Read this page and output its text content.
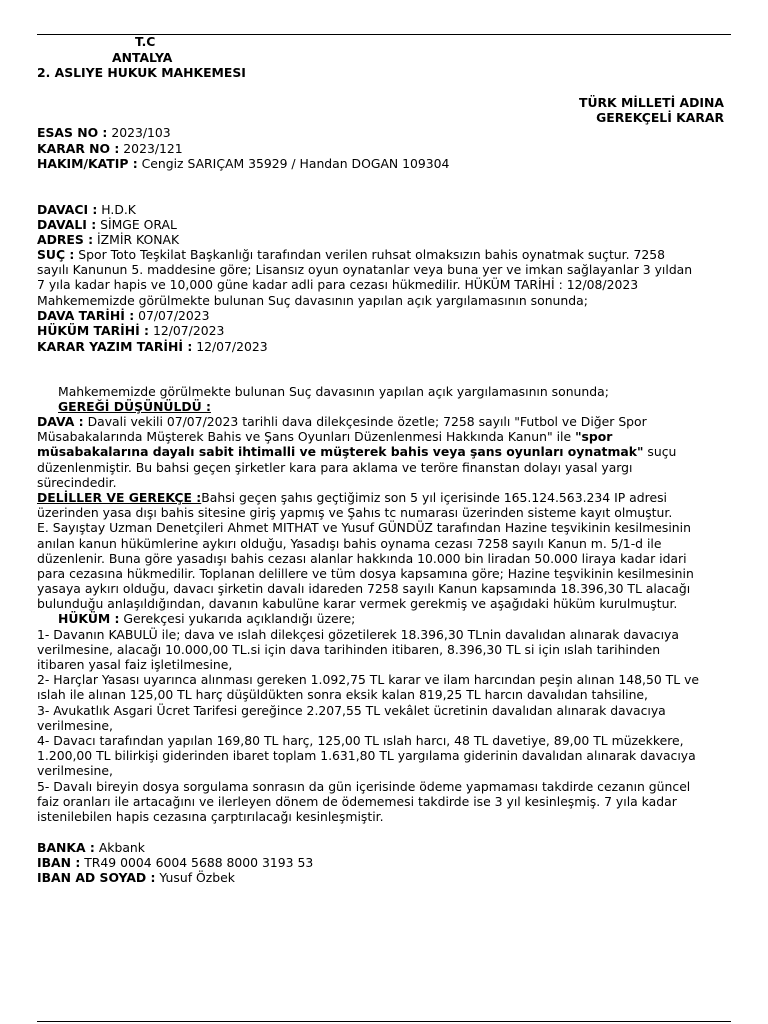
T.C
ANTALYA
2. ASLIYE HUKUK MAHKEMESI
TÜRK MİLLETİ ADINA
GEREKÇELİ KARAR
ESAS NO : 2023/103
KARAR NO : 2023/121
HAKIM/KATIP : Cengiz SARIÇAM 35929 / Handan DOGAN 109304
DAVACI : H.D.K
DAVALI : SİMGE ORAL
ADRES : İZMİR KONAK
SUÇ : Spor Toto Teşkilat Başkanlığı tarafından verilen ruhsat olmaksızın bahis oynatmak suçtur. 7258
sayılı Kanunun 5. maddesine göre; Lisansız oyun oynatanlar veya buna yer ve imkan sağlayanlar 3 yıldan
7 yıla kadar hapis ve 10,000 güne kadar adli para cezası hükmedilir. HÜKÜM TARİHİ : 12/08/2023
Mahkememizde görülmekte bulunan Suç davasının yapılan açık yargılamasının sonunda;
DAVA TARİHİ : 07/07/2023
HÜKÜM TARİHİ : 12/07/2023
KARAR YAZIM TARİHİ : 12/07/2023
Mahkememizde görülmekte bulunan Suç davasının yapılan açık yargılamasının sonunda;
GEREĞİ DÜŞÜNÜLDÜ :
DAVA : Davali vekili 07/07/2023 tarihli dava dilekçesinde özetle; 7258 sayılı "Futbol ve Diğer Spor
Müsabakalarında Müşterek Bahis ve Şans Oyunları Düzenlenmesi Hakkında Kanun" ile "spor
müsabakalarına dayalı sabit ihtimalli ve müşterek bahis veya şans oyunları oynatmak" suçu
düzenlenmiştir. Bu bahsi geçen şirketler kara para aklama ve teröre finanstan dolayı yasal yargı
sürecindedir.
DELİLLER VE GEREKÇE :Bahsi geçen şahıs geçtiğimiz son 5 yıl içerisinde 165.124.563.234 IP adresi
üzerinden yasa dışı bahis sitesine giriş yapmış ve Şahıs tc numarası üzerinden sisteme kayıt olmuştur.
E. Sayıştay Uzman Denetçileri Ahmet MITHAT ve Yusuf GÜNDÜZ tarafından Hazine teşvikinin kesilmesinin
anılan kanun hükümlerine aykırı olduğu, Yasadışı bahis oynama cezası 7258 sayılı Kanun m. 5/1-d ile
düzenlenir. Buna göre yasadışı bahis cezası alanlar hakkında 10.000 bin liradan 50.000 liraya kadar idari
para cezasına hükmedilir. Toplanan delillere ve tüm dosya kapsamına göre; Hazine teşvikinin kesilmesinin
yasaya aykırı olduğu, davacı şirketin davalı idareden 7258 sayılı Kanun kapsamında 18.396,30 TL alacağı
bulunduğu anlaşıldığından, davanın kabulüne karar vermek gerekmiş ve aşağıdaki hüküm kurulmuştur.
HÜKÜM : Gerekçesi yukarıda açıklandığı üzere;
1- Davanın KABULÜ ile; dava ve ıslah dilekçesi gözetilerek 18.396,30 TLnin davalıdan alınarak davacıya
verilmesine, alacağı 10.000,00 TL.si için dava tarihinden itibaren, 8.396,30 TL si için ıslah tarihinden
itibaren yasal faiz işletilmesine,
2- Harçlar Yasası uyarınca alınması gereken 1.092,75 TL karar ve ilam harcından peşin alınan 148,50 TL ve
ıslah ile alınan 125,00 TL harç düşüldükten sonra eksik kalan 819,25 TL harcın davalıdan tahsiline,
3- Avukatlık Asgari Ücret Tarifesi gereğince 2.207,55 TL vekâlet ücretinin davalıdan alınarak davacıya
verilmesine,
4- Davacı tarafından yapılan 169,80 TL harç, 125,00 TL ıslah harcı, 48 TL davetiye, 89,00 TL müzekkere,
1.200,00 TL bilirkişi giderinden ibaret toplam 1.631,80 TL yargılama giderinin davalıdan alınarak davacıya
verilmesine,
5- Davalı bireyin dosya sorgulama sonrasın da gün içerisinde ödeme yapmaması takdirde cezanın güncel
faiz oranları ile artacağını ve ilerleyen dönem de ödememesi takdirde ise 3 yıl kesinleşmiş. 7 yıla kadar
istenilebilen hapis cezasına çarptırılacağı kesinleşmiştir.
BANKA : Akbank
IBAN : TR49 0004 6004 5688 8000 3193 53
IBAN AD SOYAD : Yusuf Özbek
